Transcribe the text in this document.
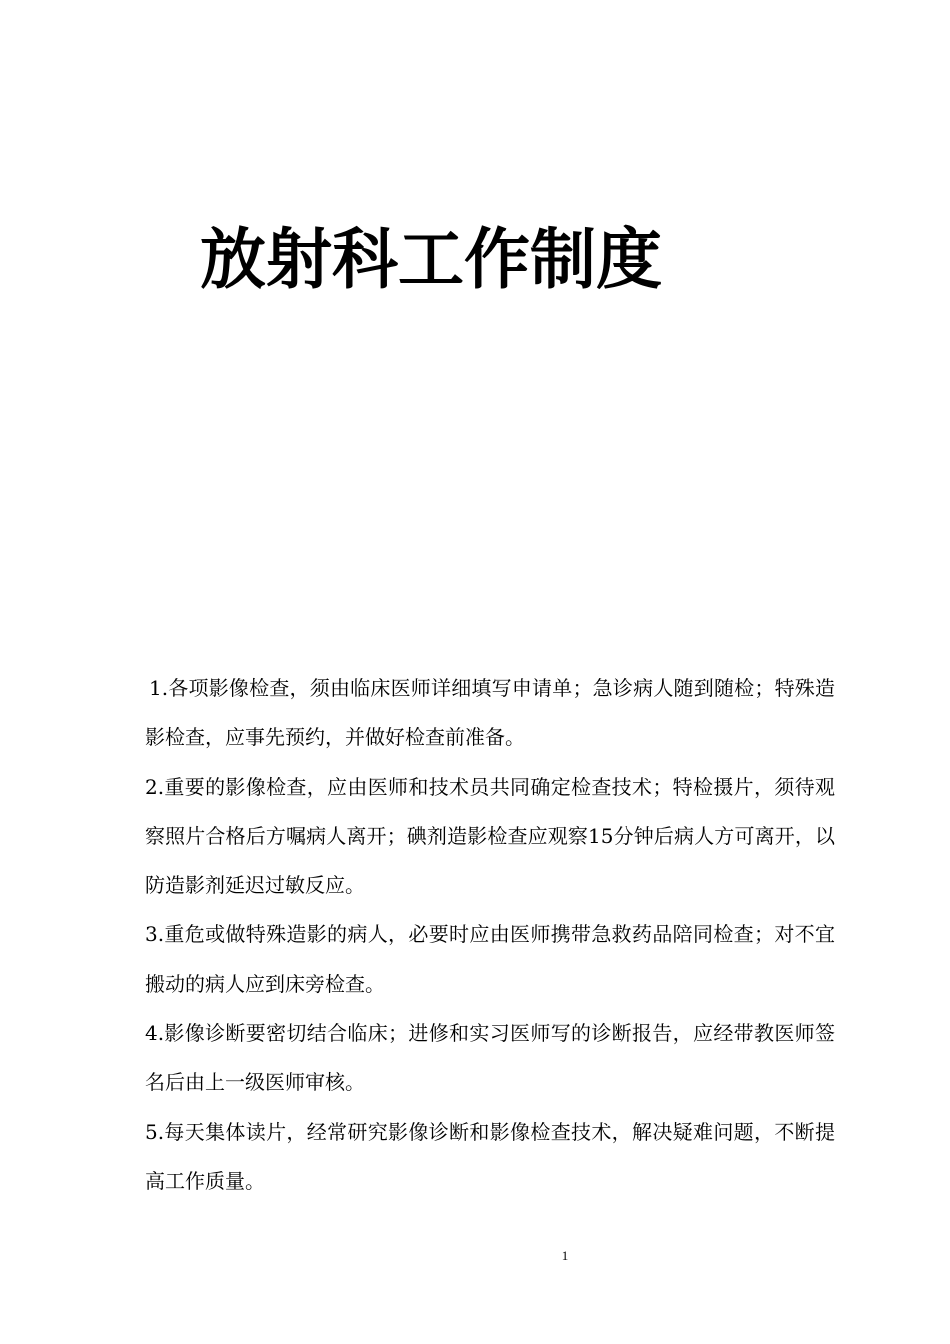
放射科工作制度

1.各项影像检查，须由临床医师详细填写申请单；急诊病人随到随检；特殊造影检查，应事先预约，并做好检查前准备。

2.重要的影像检查，应由医师和技术员共同确定检查技术；特检摄片，须待观察照片合格后方嘱病人离开；碘剂造影检查应观察15分钟后病人方可离开，以防造影剂延迟过敏反应。

3.重危或做特殊造影的病人，必要时应由医师携带急救药品陪同检查；对不宜搬动的病人应到床旁检查。

4.影像诊断要密切结合临床；进修和实习医师写的诊断报告，应经带教医师签名后由上一级医师审核。

5.每天集体读片，经常研究影像诊断和影像检查技术，解决疑难问题，不断提高工作质量。

1
